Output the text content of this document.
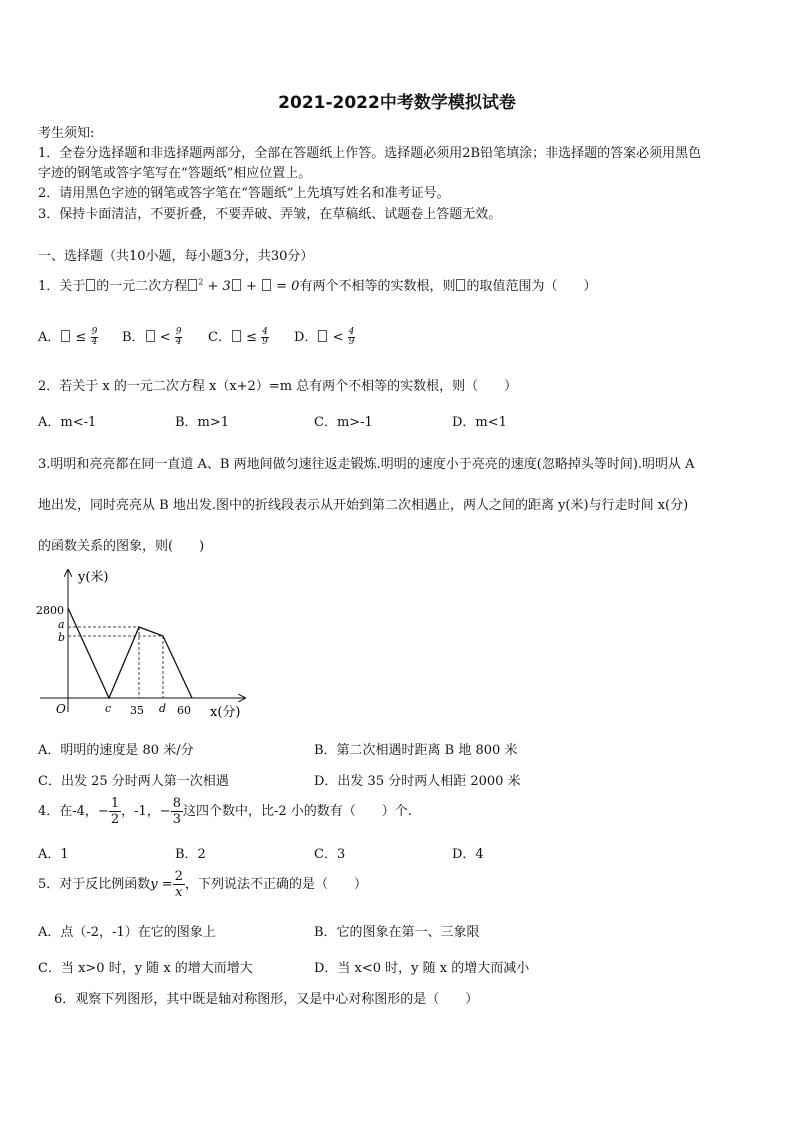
2021-2022中考数学模拟试卷
考生须知:
1．全卷分选择题和非选择题两部分，全部在答题纸上作答。选择题必须用2B铅笔填涂；非选择题的答案必须用黑色
字迹的钢笔或答字笔写在“答题纸”相应位置上。
2．请用黑色字迹的钢笔或答字笔在“答题纸”上先填写姓名和准考证号。
3．保持卡面清洁，不要折叠，不要弄破、弄皱，在草稿纸、试题卷上答题无效。
一、选择题（共10小题，每小题3分，共30分）
1．关于 的一元二次方程 $^2$ + 3 + = 0有两个不相等的实数根，则 的取值范围为（　　）
A． ≤ $\frac{9}{4}$ B． < $\frac{9}{4}$ C． ≤ $\frac{4}{9}$ D． < $\frac{4}{9}$
2．若关于 x 的一元二次方程 x（x+2）=m 总有两个不相等的实数根，则（　　）
A．m<-1	B．m>1	C．m>-1	D．m<1
3.明明和亮亮都在同一直道 A、B 两地间做匀速往返走锻炼.明明的速度小于亮亮的速度(忽略掉头等时间).明明从 A
地出发，同时亮亮从 B 地出发.图中的折线段表示从开始到第二次相遇止，两人之间的距离 y(米)与行走时间 x(分)
的函数关系的图象，则(　　)
y(米)
x(分)
2800
a
b
O	c 35 d 60
A．明明的速度是 80 米/分	B．第二次相遇时距离 B 地 800 米
C．出发 25 分时两人第一次相遇	D．出发 35 分时两人相距 2000 米
4．在-4，− $\frac{1}{2}$ ，-1，− $\frac{8}{3}$ 这四个数中，比-2 小的数有（　　）个.
A．1	B．2	C．3	D．4
5．对于反比例函数$y = \frac{2}{x}$ ，下列说法不正确的是（　　）
A．点（-2，-1）在它的图象上	B．它的图象在第一、三象限
C．当 x>0 时，y 随 x 的增大而增大	D．当 x<0 时，y 随 x 的增大而减小
6．观察下列图形，其中既是轴对称图形，又是中心对称图形的是（　　）
